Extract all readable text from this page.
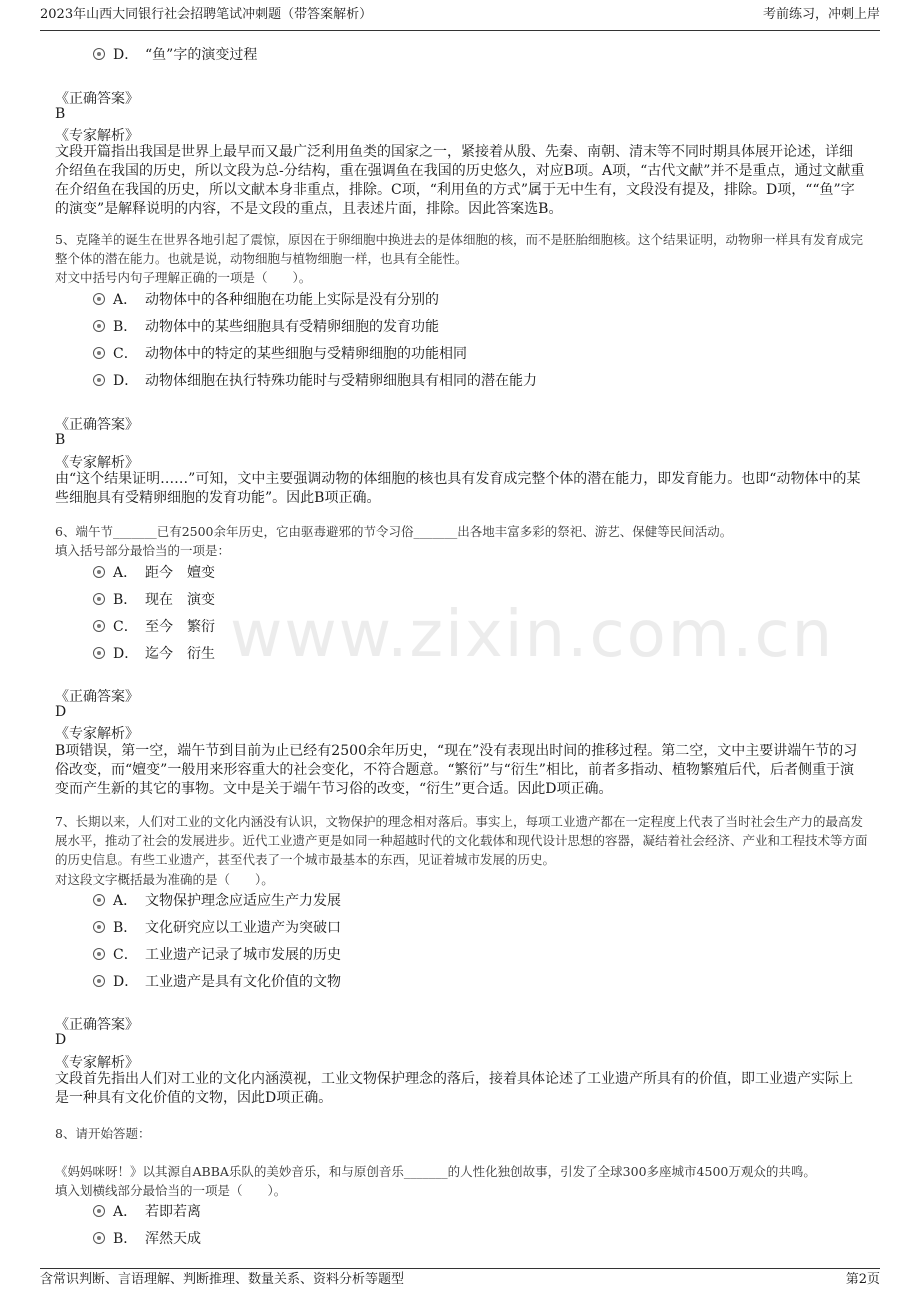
2023年山西大同银行社会招聘笔试冲刺题（带答案解析）	考前练习，冲刺上岸
www.zixin.com.cn
D． “鱼”字的演变过程
《正确答案》
B
《专家解析》
文段开篇指出我国是世界上最早而又最广泛利用鱼类的国家之一，紧接着从殷、先秦、南朝、清末等不同时期具体展开论述，详细介绍鱼在我国的历史，所以文段为总-分结构，重在强调鱼在我国的历史悠久，对应B项。A项，“古代文献”并不是重点，通过文献重在介绍鱼在我国的历史，所以文献本身非重点，排除。C项，“利用鱼的方式”属于无中生有，文段没有提及，排除。D项，““鱼”字的演变”是解释说明的内容，不是文段的重点，且表述片面，排除。因此答案选B。
5、克隆羊的诞生在世界各地引起了震惊，原因在于卵细胞中换进去的是体细胞的核，而不是胚胎细胞核。这个结果证明，动物卵一样具有发育成完整个体的潜在能力。也就是说，动物细胞与植物细胞一样，也具有全能性。
对文中括号内句子理解正确的一项是（　　）。
A． 动物体中的各种细胞在功能上实际是没有分别的
B． 动物体中的某些细胞具有受精卵细胞的发育功能
C． 动物体中的特定的某些细胞与受精卵细胞的功能相同
D． 动物体细胞在执行特殊功能时与受精卵细胞具有相同的潜在能力
《正确答案》
B
《专家解析》
由“这个结果证明……”可知，文中主要强调动物的体细胞的核也具有发育成完整个体的潜在能力，即发育能力。也即“动物体中的某些细胞具有受精卵细胞的发育功能”。因此B项正确。
6、端午节_______已有2500余年历史，它由驱毒避邪的节令习俗_______出各地丰富多彩的祭祀、游艺、保健等民间活动。
填入括号部分最恰当的一项是：
A． 距今　嬗变
B． 现在　演变
C． 至今　繁衍
D． 迄今　衍生
《正确答案》
D
《专家解析》
B项错误，第一空，端午节到目前为止已经有2500余年历史，“现在”没有表现出时间的推移过程。第二空，文中主要讲端午节的习俗改变，而“嬗变”一般用来形容重大的社会变化，不符合题意。“繁衍”与“衍生”相比，前者多指动、植物繁殖后代，后者侧重于演变而产生新的其它的事物。文中是关于端午节习俗的改变，“衍生”更合适。因此D项正确。
7、长期以来，人们对工业的文化内涵没有认识，文物保护的理念相对落后。事实上，每项工业遗产都在一定程度上代表了当时社会生产力的最高发展水平，推动了社会的发展进步。近代工业遗产更是如同一种超越时代的文化载体和现代设计思想的容器，凝结着社会经济、产业和工程技术等方面的历史信息。有些工业遗产，甚至代表了一个城市最基本的东西，见证着城市发展的历史。
对这段文字概括最为准确的是（　　）。
A． 文物保护理念应适应生产力发展
B． 文化研究应以工业遗产为突破口
C． 工业遗产记录了城市发展的历史
D． 工业遗产是具有文化价值的文物
《正确答案》
D
《专家解析》
文段首先指出人们对工业的文化内涵漠视，工业文物保护理念的落后，接着具体论述了工业遗产所具有的价值，即工业遗产实际上是一种具有文化价值的文物，因此D项正确。
8、请开始答题：
《妈妈咪呀！》以其源自ABBA乐队的美妙音乐，和与原创音乐_______的人性化独创故事，引发了全球300多座城市4500万观众的共鸣。
填入划横线部分最恰当的一项是（　　）。
A． 若即若离
B． 浑然天成
含常识判断、言语理解、判断推理、数量关系、资料分析等题型	第2页
